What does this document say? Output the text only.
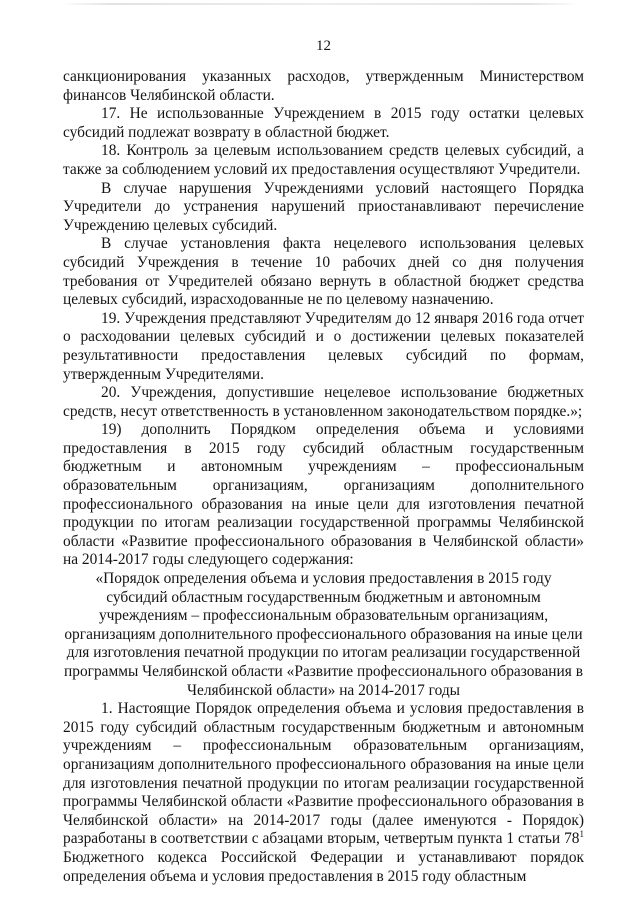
12

санкционирования указанных расходов, утвержденным Министерством финансов Челябинской области.

17. Не использованные Учреждением в 2015 году остатки целевых субсидий подлежат возврату в областной бюджет.

18. Контроль за целевым использованием средств целевых субсидий, а также за соблюдением условий их предоставления осуществляют Учредители.

В случае нарушения Учреждениями условий настоящего Порядка Учредители до устранения нарушений приостанавливают перечисление Учреждению целевых субсидий.

В случае установления факта нецелевого использования целевых субсидий Учреждения в течение 10 рабочих дней со дня получения требования от Учредителей обязано вернуть в областной бюджет средства целевых субсидий, израсходованные не по целевому назначению.

19. Учреждения представляют Учредителям до 12 января 2016 года отчет о расходовании целевых субсидий и о достижении целевых показателей результативности предоставления целевых субсидий по формам, утвержденным Учредителями.

20. Учреждения, допустившие нецелевое использование бюджетных средств, несут ответственность в установленном законодательством порядке.»;

19) дополнить Порядком определения объема и условиями предоставления в 2015 году субсидий областным государственным бюджетным и автономным учреждениям – профессиональным образовательным организациям, организациям дополнительного профессионального образования на иные цели для изготовления печатной продукции по итогам реализации государственной программы Челябинской области «Развитие профессионального образования в Челябинской области» на 2014-2017 годы следующего содержания:

«Порядок определения объема и условия предоставления в 2015 году субсидий областным государственным бюджетным и автономным учреждениям – профессиональным образовательным организациям, организациям дополнительного профессионального образования на иные цели для изготовления печатной продукции по итогам реализации государственной программы Челябинской области «Развитие профессионального образования в Челябинской области» на 2014-2017 годы

1. Настоящие Порядок определения объема и условия предоставления в 2015 году субсидий областным государственным бюджетным и автономным учреждениям – профессиональным образовательным организациям, организациям дополнительного профессионального образования на иные цели для изготовления печатной продукции по итогам реализации государственной программы Челябинской области «Развитие профессионального образования в Челябинской области» на 2014-2017 годы (далее именуются - Порядок) разработаны в соответствии с абзацами вторым, четвертым пункта 1 статьи $78^1$ Бюджетного кодекса Российской Федерации и устанавливают порядок определения объема и условия предоставления в 2015 году областным
